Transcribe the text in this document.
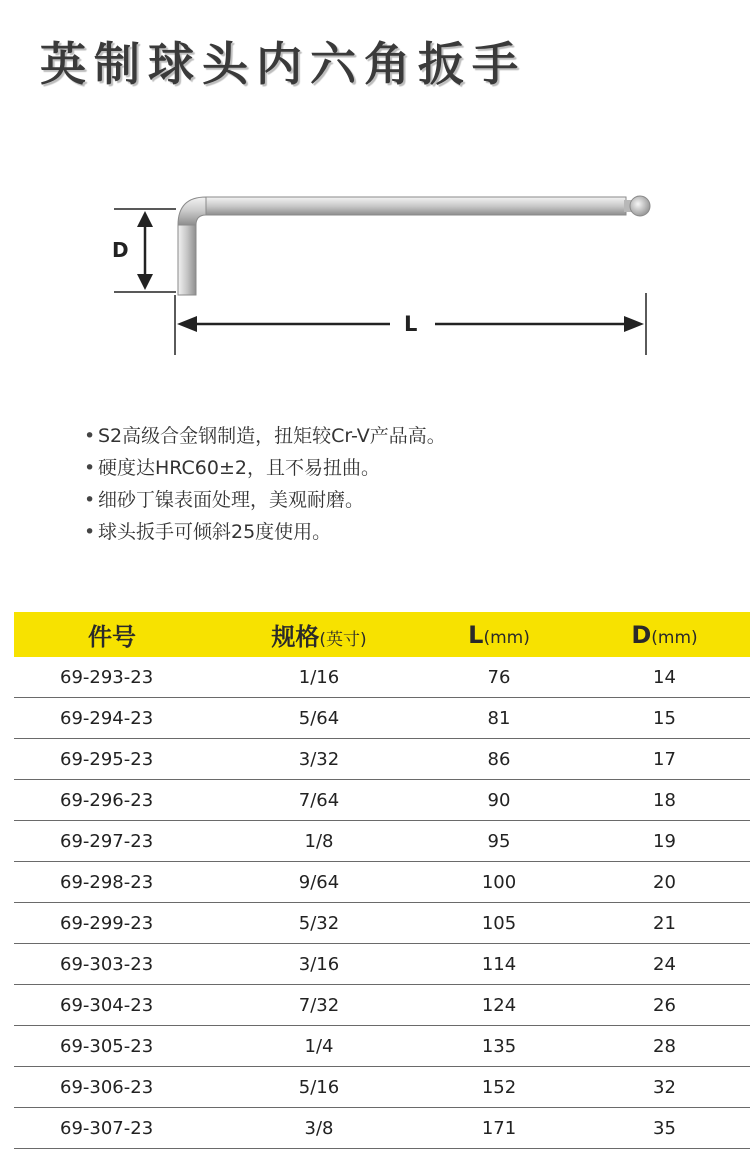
英制球头内六角扳手
D
L
• S2高级合金钢制造，扭矩较Cr-V产品高。
• 硬度达HRC60±2，且不易扭曲。
• 细砂丁镍表面处理，美观耐磨。
• 球头扳手可倾斜25度使用。
件号	规格(英寸)	L(mm)	D(mm)
69-293-23	1/16	76	14
69-294-23	5/64	81	15
69-295-23	3/32	86	17
69-296-23	7/64	90	18
69-297-23	1/8	95	19
69-298-23	9/64	100	20
69-299-23	5/32	105	21
69-303-23	3/16	114	24
69-304-23	7/32	124	26
69-305-23	1/4	135	28
69-306-23	5/16	152	32
69-307-23	3/8	171	35
